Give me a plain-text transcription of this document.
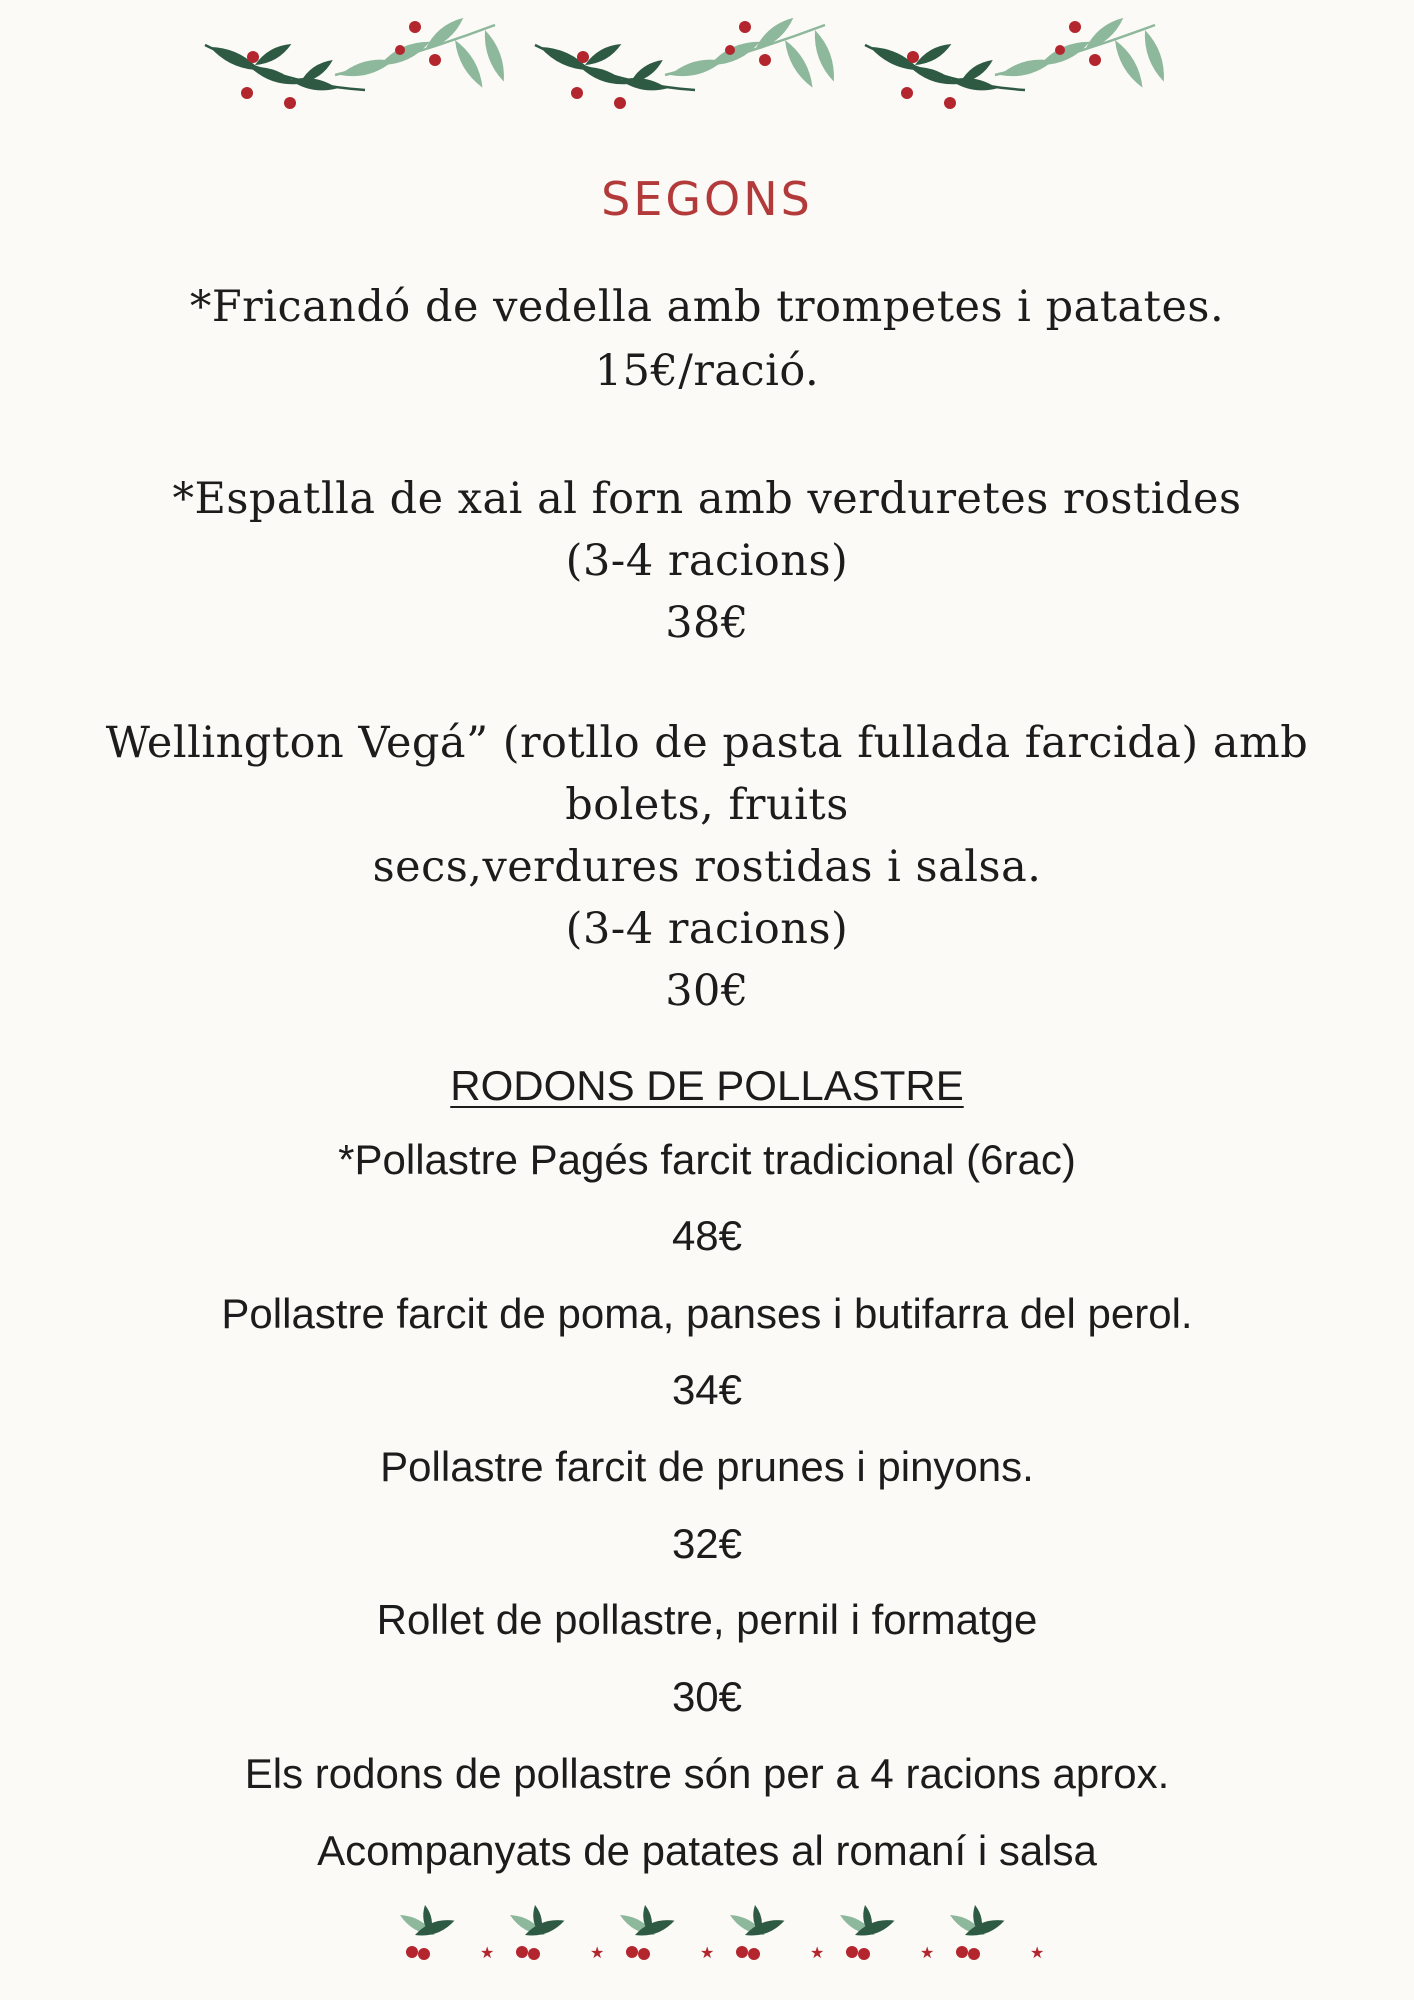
SEGONS
*Fricandó de vedella amb trompetes i patates.
15€/ració.
*Espatlla de xai al forn amb verduretes rostides
(3-4 racions)
38€
Wellington Vegá” (rotllo de pasta fullada farcida) amb
bolets, fruits
secs,verdures rostidas i salsa.
(3-4 racions)
30€
RODONS DE POLLASTRE
*Pollastre Pagés farcit tradicional (6rac)
48€
Pollastre farcit de poma, panses i butifarra del perol.
34€
Pollastre farcit de prunes i pinyons.
32€
Rollet de pollastre, pernil i formatge
30€
Els rodons de pollastre són per a 4 racions aprox.
Acompanyats de patates al romaní i salsa
★	★	★	★	★	★
